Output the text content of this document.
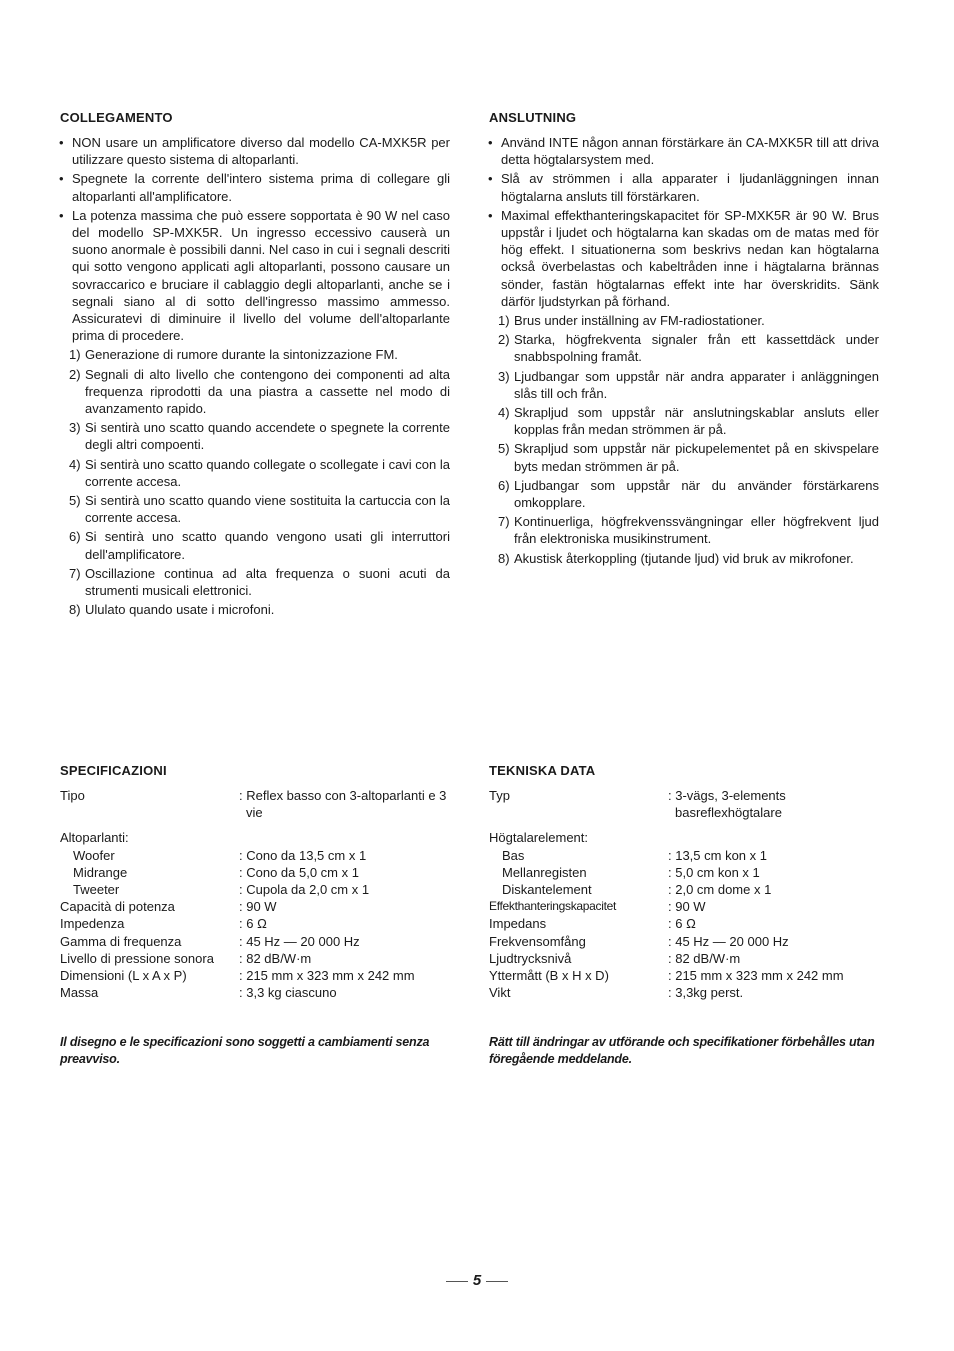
COLLEGAMENTO
• NON usare un amplificatore diverso dal modello CA-MXK5R per utilizzare questo sistema di altoparlanti.
• Spegnete la corrente dell'intero sistema prima di collegare gli altoparlanti all'amplificatore.
• La potenza massima che può essere sopportata è 90 W nel caso del modello SP-MXK5R. Un ingresso eccessivo causerà un suono anormale è possibili danni. Nel caso in cui i segnali descriti qui sotto vengono applicati agli altoparlanti, possono causare un sovraccarico e bruciare il cablaggio degli altoparlanti, anche se i segnali siano al di sotto dell'ingresso massimo ammesso. Assicuratevi di diminuire il livello del volume dell'altoparlante prima di procedere.
1) Generazione di rumore durante la sintonizzazione FM.
2) Segnali di alto livello che contengono dei componenti ad alta frequenza riprodotti da una piastra a cassette nel modo di avanzamento rapido.
3) Si sentirà uno scatto quando accendete o spegnete la corrente degli altri compoenti.
4) Si sentirà uno scatto quando collegate o scollegate i cavi con la corrente accesa.
5) Si sentirà uno scatto quando viene sostituita la cartuccia con la corrente accesa.
6) Si sentirà uno scatto quando vengono usati gli interruttori dell'amplificatore.
7) Oscillazione continua ad alta frequenza o suoni acuti da strumenti musicali elettronici.
8) Ululato quando usate i microfoni.
ANSLUTNING
• Använd INTE någon annan förstärkare än CA-MXK5R till att driva detta högtalarsystem med.
• Slå av strömmen i alla apparater i ljudanläggningen innan högtalarna ansluts till förstärkaren.
• Maximal effekthanteringskapacitet för SP-MXK5R är 90 W. Brus uppstår i ljudet och högtalarna kan skadas om de matas med för hög effekt. I situationerna som beskrivs nedan kan högtalarna också överbelastas och kabeltråden inne i hägtalarna brännas sönder, fastän högtalarnas effekt inte har överskridits. Sänk därför ljudstyrkan på förhand.
1) Brus under inställning av FM-radiostationer.
2) Starka, högfrekventa signaler från ett kassettdäck under snabbspolning framåt.
3) Ljudbangar som uppstår när andra apparater i anläggningen slås till och från.
4) Skrapljud som uppstår när anslutningskablar ansluts eller kopplas från medan strömmen är på.
5) Skrapljud som uppstår när pickupelementet på en skivspelare byts medan strömmen är på.
6) Ljudbangar som uppstår när du använder förstärkarens omkopplare.
7) Kontinuerliga, högfrekvenssvängningar eller högfrekvent ljud från elektroniska musikinstrument.
8) Akustisk återkoppling (tjutande ljud) vid bruk av mikrofoner.
SPECIFICAZIONI
Tipo	: Reflex basso con 3-altoparlanti e 3
	vie

Altoparlanti:	
Woofer	: Cono da 13,5 cm x 1
Midrange	: Cono da 5,0 cm x 1
Tweeter	: Cupola da 2,0 cm x 1
Capacità di potenza	: 90 W
Impedenza	: 6 Ω
Gamma di frequenza	: 45 Hz — 20 000 Hz
Livello di pressione sonora	: 82 dB/W·m
Dimensioni (L x A x P)	: 215 mm x 323 mm x 242 mm
Massa	: 3,3 kg ciascuno
TEKNISKA DATA
Typ	: 3-vägs, 3-elements
	basreflexhögtalare

Högtalarelement:	
Bas	: 13,5 cm kon x 1
Mellanregisten	: 5,0 cm kon x 1
Diskantelement	: 2,0 cm dome x 1
Effekthanteringskapacitet	: 90 W
Impedans	: 6 Ω
Frekvensomfång	: 45 Hz — 20 000 Hz
Ljudtrycksnivå	: 82 dB/W·m
Yttermått (B x H x D)	: 215 mm x 323 mm x 242 mm
Vikt	: 3,3kg perst.
Il disegno e le specificazioni sono soggetti a cambiamenti senza preavviso.
Rätt till ändringar av utförande och specifikationer förbehålles utan föregående meddelande.
5
